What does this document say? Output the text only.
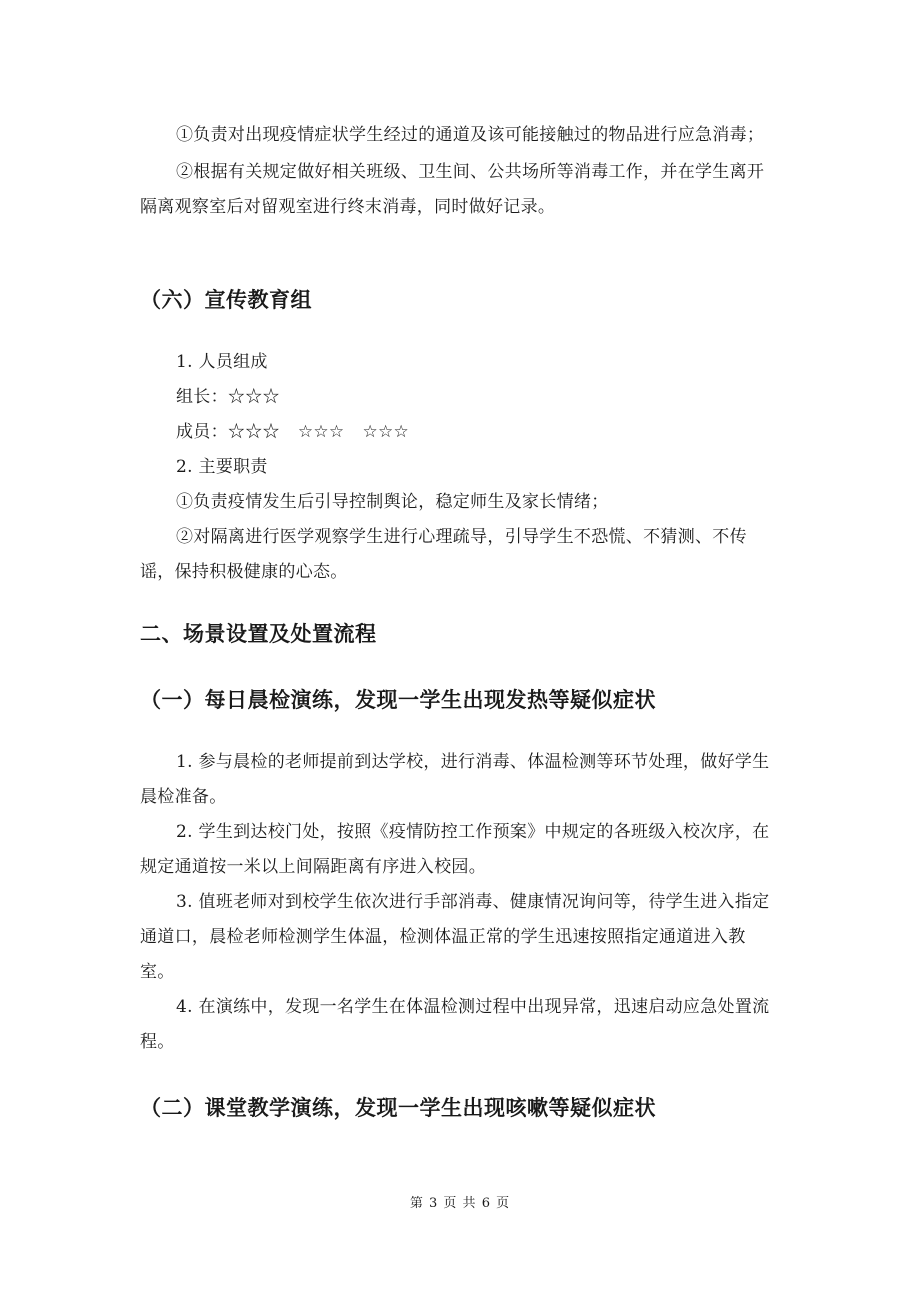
①负责对出现疫情症状学生经过的通道及该可能接触过的物品进行应急消毒；

②根据有关规定做好相关班级、卫生间、公共场所等消毒工作，并在学生离开隔离观察室后对留观室进行终末消毒，同时做好记录。

（六）宣传教育组

1. 人员组成

组长：☆☆☆

成员：☆☆☆ ☆☆☆ ☆☆☆

2. 主要职责

①负责疫情发生后引导控制舆论，稳定师生及家长情绪；

②对隔离进行医学观察学生进行心理疏导，引导学生不恐慌、不猜测、不传谣，保持积极健康的心态。

二、场景设置及处置流程

（一）每日晨检演练，发现一学生出现发热等疑似症状

1. 参与晨检的老师提前到达学校，进行消毒、体温检测等环节处理，做好学生晨检准备。

2. 学生到达校门处，按照《疫情防控工作预案》中规定的各班级入校次序，在规定通道按一米以上间隔距离有序进入校园。

3. 值班老师对到校学生依次进行手部消毒、健康情况询问等，待学生进入指定通道口，晨检老师检测学生体温，检测体温正常的学生迅速按照指定通道进入教室。

4. 在演练中，发现一名学生在体温检测过程中出现异常，迅速启动应急处置流程。

（二）课堂教学演练，发现一学生出现咳嗽等疑似症状

第 3 页 共 6 页
